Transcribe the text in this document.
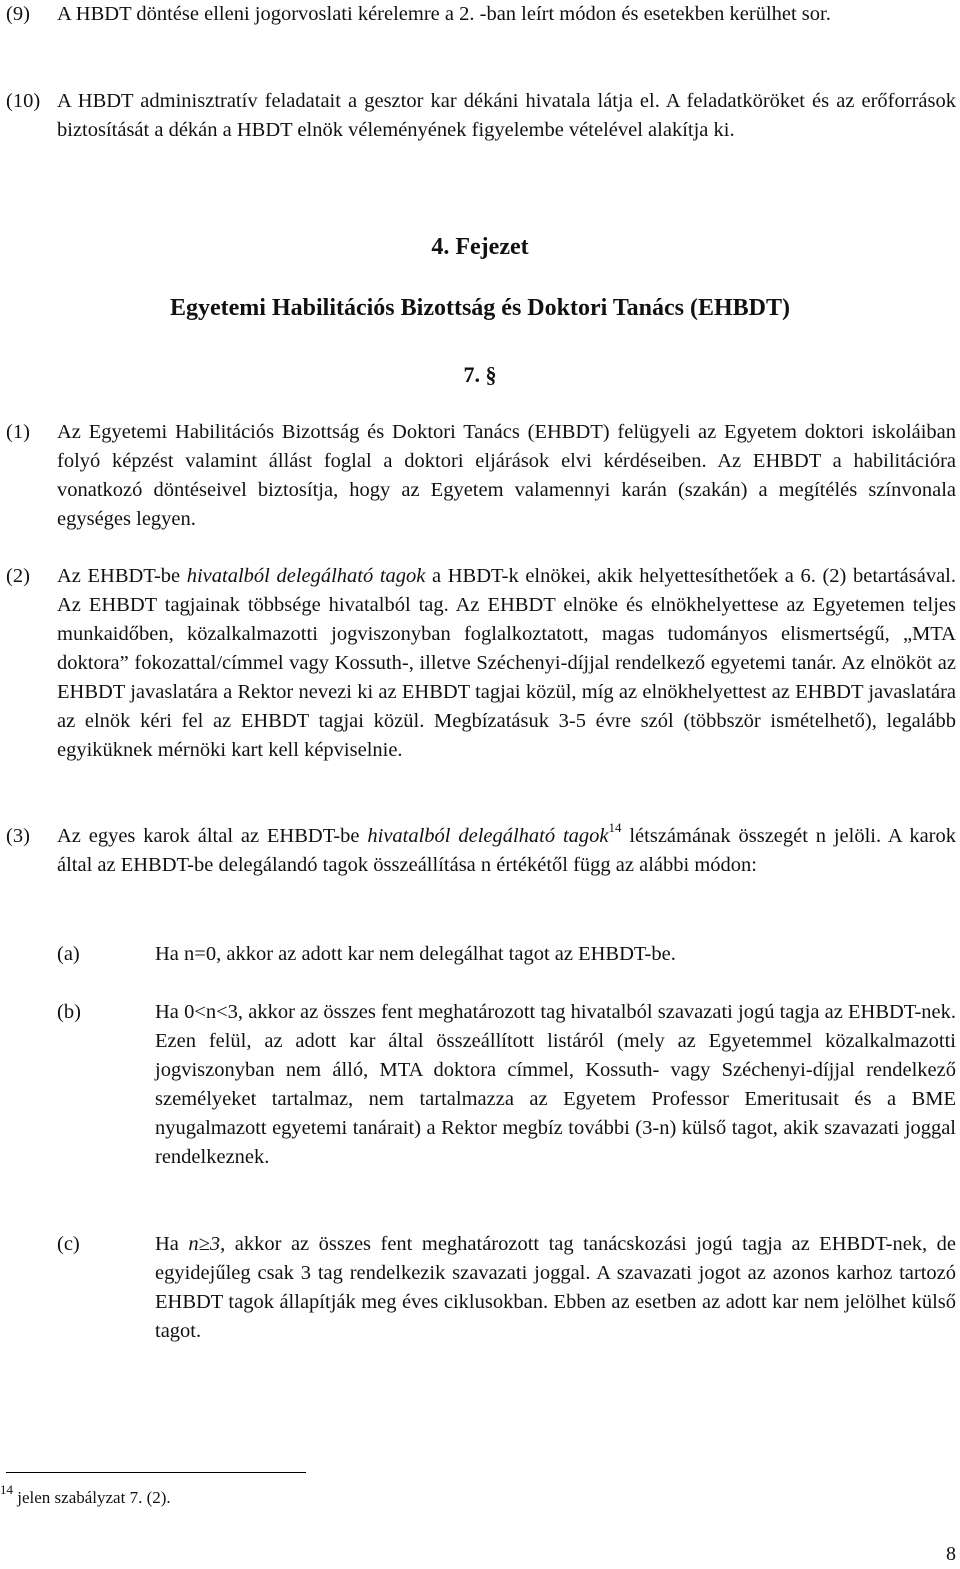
(9) A HBDT döntése elleni jogorvoslati kérelemre a 2. -ban leírt módon és esetekben kerülhet sor.
(10) A HBDT adminisztratív feladatait a gesztor kar dékáni hivatala látja el. A feladatköröket és az erőforrások biztosítását a dékán a HBDT elnök véleményének figyelembe vételével alakítja ki.
4. Fejezet
Egyetemi Habilitációs Bizottság és Doktori Tanács (EHBDT)
7. §
(1) Az Egyetemi Habilitációs Bizottság és Doktori Tanács (EHBDT) felügyeli az Egyetem doktori iskoláiban folyó képzést valamint állást foglal a doktori eljárások elvi kérdéseiben. Az EHBDT a habilitációra vonatkozó döntéseivel biztosítja, hogy az Egyetem valamennyi karán (szakán) a megítélés színvonala egységes legyen.
(2) Az EHBDT-be hivatalból delegálható tagok a HBDT-k elnökei, akik helyettesíthetőek a 6. (2) betartásával. Az EHBDT tagjainak többsége hivatalból tag. Az EHBDT elnöke és elnökhelyettese az Egyetemen teljes munkaidőben, közalkalmazotti jogviszonyban foglalkoztatott, magas tudományos elismertségű, „MTA doktora” fokozattal/címmel vagy Kossuth-, illetve Széchenyi-díjjal rendelkező egyetemi tanár. Az elnököt az EHBDT javaslatára a Rektor nevezi ki az EHBDT tagjai közül, míg az elnökhelyettest az EHBDT javaslatára az elnök kéri fel az EHBDT tagjai közül. Megbízatásuk 3-5 évre szól (többször ismételhető), legalább egyiküknek mérnöki kart kell képviselnie.
(3) Az egyes karok által az EHBDT-be hivatalból delegálható tagok$^{14}$ létszámának összegét n jelöli. A karok által az EHBDT-be delegálandó tagok összeállítása n értékétől függ az alábbi módon:
(a)	Ha n=0, akkor az adott kar nem delegálhat tagot az EHBDT-be.
(b)	Ha 0<n<3, akkor az összes fent meghatározott tag hivatalból szavazati jogú tagja az EHBDT-nek. Ezen felül, az adott kar által összeállított listáról (mely az Egyetemmel közalkalmazotti jogviszonyban nem álló, MTA doktora címmel, Kossuth- vagy Széchenyi-díjjal rendelkező személyeket tartalmaz, nem tartalmazza az Egyetem Professor Emeritusait és a BME nyugalmazott egyetemi tanárait) a Rektor megbíz további (3-n) külső tagot, akik szavazati joggal rendelkeznek.
(c)	Ha n≥3, akkor az összes fent meghatározott tag tanácskozási jogú tagja az EHBDT-nek, de egyidejűleg csak 3 tag rendelkezik szavazati joggal. A szavazati jogot az azonos karhoz tartozó EHBDT tagok állapítják meg éves ciklusokban. Ebben az esetben az adott kar nem jelölhet külső tagot.
$^{14}$ jelen szabályzat 7. (2).
8
